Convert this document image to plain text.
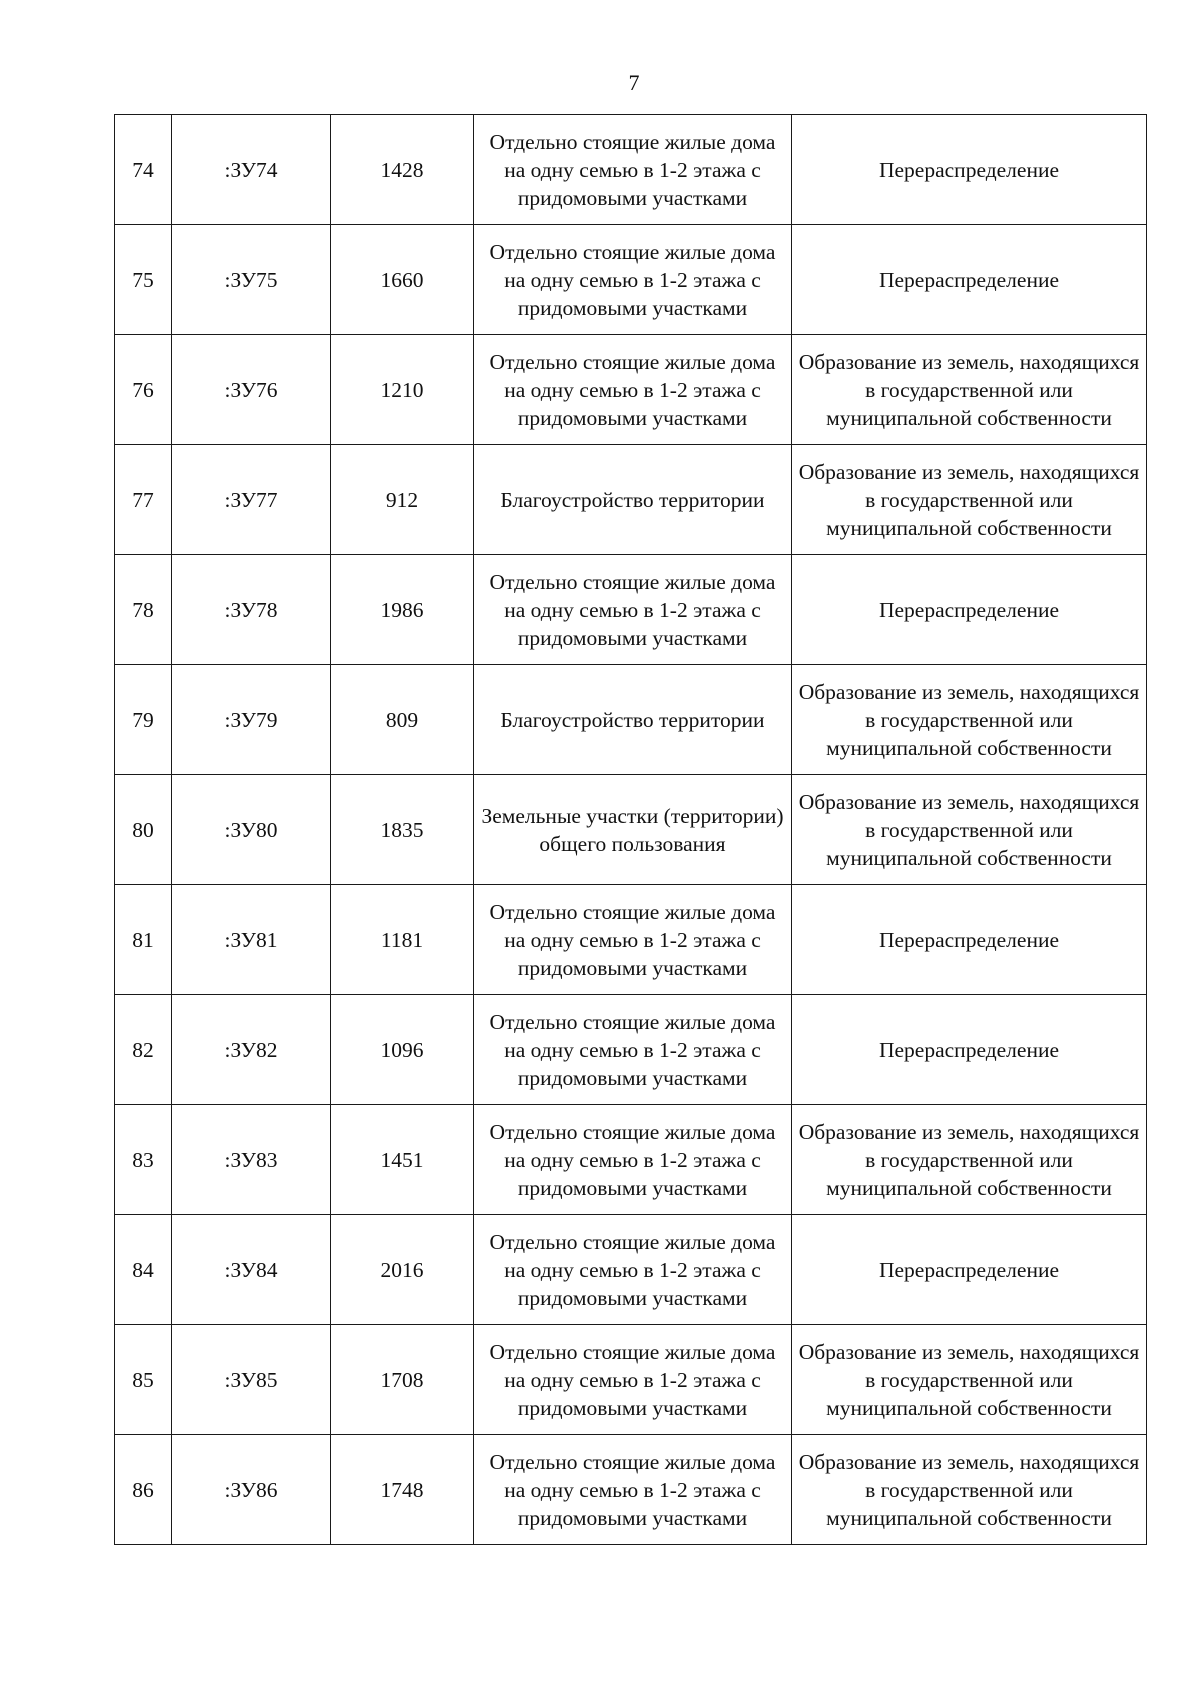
7
74	:ЗУ74	1428	Отдельно стоящие жилые дома на одну семью в 1-2 этажа с придомовыми участками	Перераспределение
75	:ЗУ75	1660	Отдельно стоящие жилые дома на одну семью в 1-2 этажа с придомовыми участками	Перераспределение
76	:ЗУ76	1210	Отдельно стоящие жилые дома на одну семью в 1-2 этажа с придомовыми участками	Образование из земель, находящихся в государственной или муниципальной собственности
77	:ЗУ77	912	Благоустройство территории	Образование из земель, находящихся в государственной или муниципальной собственности
78	:ЗУ78	1986	Отдельно стоящие жилые дома на одну семью в 1-2 этажа с придомовыми участками	Перераспределение
79	:ЗУ79	809	Благоустройство территории	Образование из земель, находящихся в государственной или муниципальной собственности
80	:ЗУ80	1835	Земельные участки (территории) общего пользования	Образование из земель, находящихся в государственной или муниципальной собственности
81	:ЗУ81	1181	Отдельно стоящие жилые дома на одну семью в 1-2 этажа с придомовыми участками	Перераспределение
82	:ЗУ82	1096	Отдельно стоящие жилые дома на одну семью в 1-2 этажа с придомовыми участками	Перераспределение
83	:ЗУ83	1451	Отдельно стоящие жилые дома на одну семью в 1-2 этажа с придомовыми участками	Образование из земель, находящихся в государственной или муниципальной собственности
84	:ЗУ84	2016	Отдельно стоящие жилые дома на одну семью в 1-2 этажа с придомовыми участками	Перераспределение
85	:ЗУ85	1708	Отдельно стоящие жилые дома на одну семью в 1-2 этажа с придомовыми участками	Образование из земель, находящихся в государственной или муниципальной собственности
86	:ЗУ86	1748	Отдельно стоящие жилые дома на одну семью в 1-2 этажа с придомовыми участками	Образование из земель, находящихся в государственной или муниципальной собственности
